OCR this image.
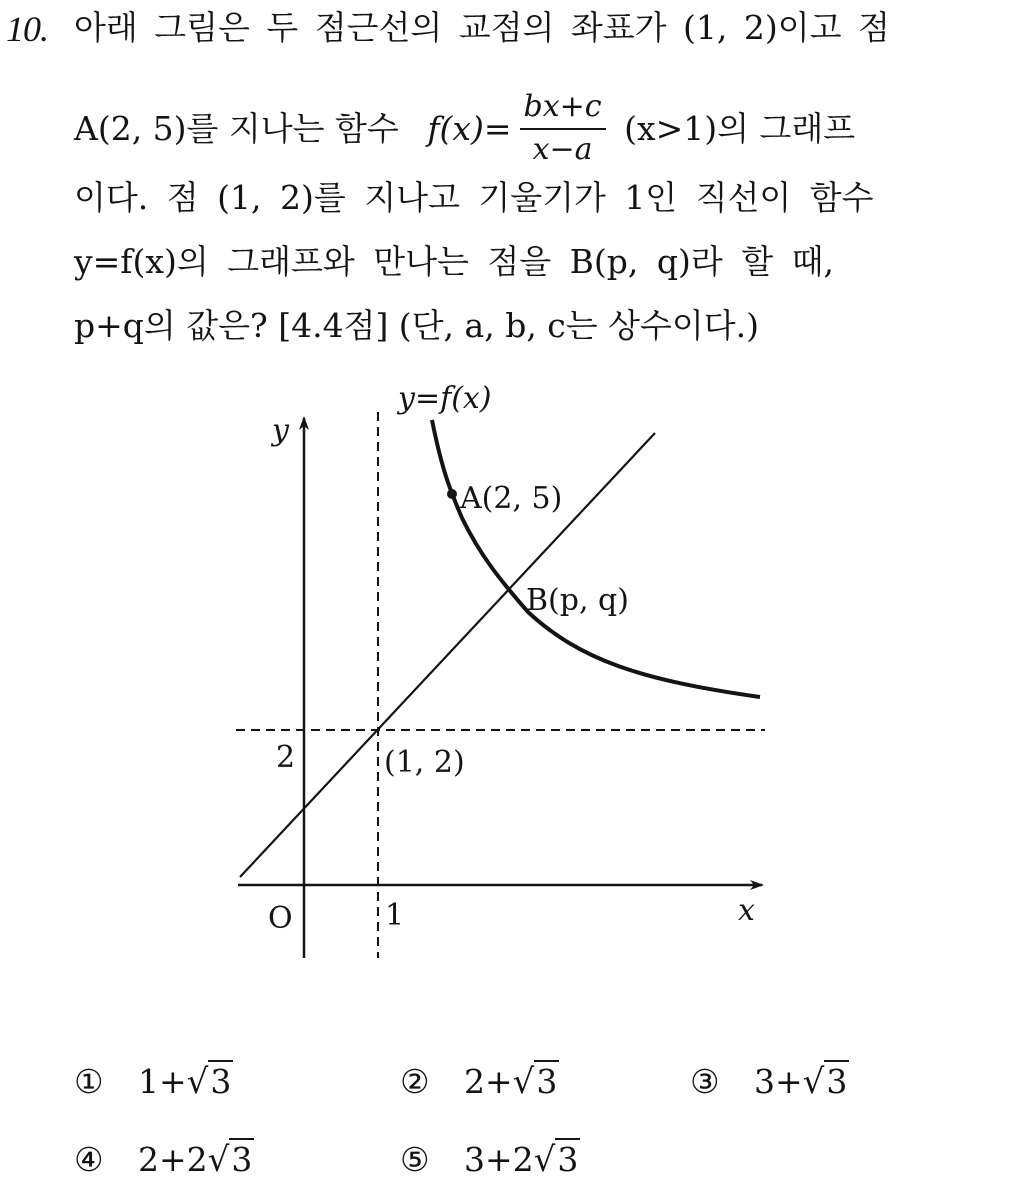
10. 아래 그림은 두 점근선의 교점의 좌표가 (1, 2)이고 점
A(2, 5)를 지나는 함수 $f(x)= \frac{bx+c}{x-a} (x>1)$의 그래프
이다. 점 (1, 2)를 지나고 기울기가 1인 직선이 함수
y=f(x)의 그래프와 만나는 점을 B(p, q)라 할 때,
p+q의 값은? [4.4점] (단, a, b, c는 상수이다.)
y=f(x)
y
x
O	1
2
A(2, 5)
B(p, q)
(1, 2)
① 1+√3	② 2+√3	③ 3+√3
④ 2+2√3	⑤ 3+2√3
